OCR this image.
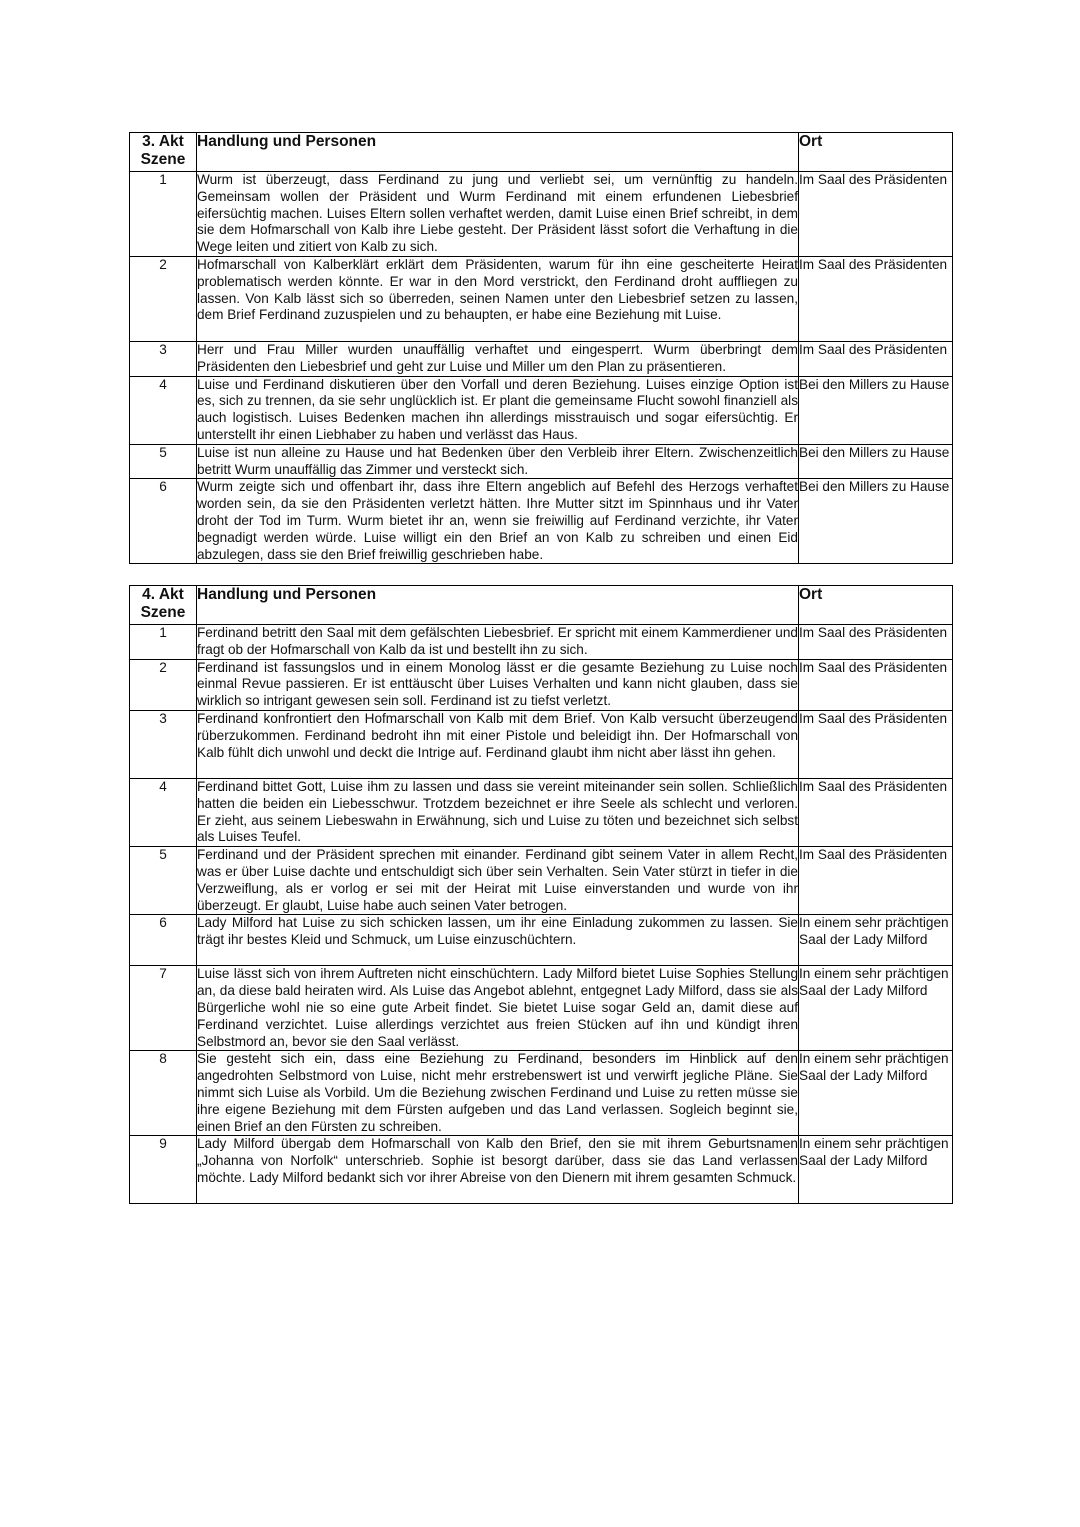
3. Akt
Szene	Handlung und Personen	Ort
1	Wurm ist überzeugt, dass Ferdinand zu jung und verliebt sei, um vernünftig zu handeln. Gemeinsam wollen der Präsident und Wurm Ferdinand mit einem erfundenen Liebesbrief eifersüchtig machen. Luises Eltern sollen verhaftet werden, damit Luise einen Brief schreibt, in dem sie dem Hofmarschall von Kalb ihre Liebe gesteht. Der Präsident lässt sofort die Verhaftung in die Wege leiten und zitiert von Kalb zu sich.	Im Saal des Präsidenten
2	Hofmarschall von Kalberklärt erklärt dem Präsidenten, warum für ihn eine gescheiterte Heirat problematisch werden könnte. Er war in den Mord verstrickt, den Ferdinand droht auffliegen zu lassen. Von Kalb lässt sich so überreden, seinen Namen unter den Liebesbrief setzen zu lassen, dem Brief Ferdinand zuzuspielen und zu behaupten, er habe eine Beziehung mit Luise.	Im Saal des Präsidenten
3	Herr und Frau Miller wurden unauffällig verhaftet und eingesperrt. Wurm überbringt dem Präsidenten den Liebesbrief und geht zur Luise und Miller um den Plan zu präsentieren.	Im Saal des Präsidenten
4	Luise und Ferdinand diskutieren über den Vorfall und deren Beziehung. Luises einzige Option ist es, sich zu trennen, da sie sehr unglücklich ist. Er plant die gemeinsame Flucht sowohl finanziell als auch logistisch. Luises Bedenken machen ihn allerdings misstrauisch und sogar eifersüchtig. Er unterstellt ihr einen Liebhaber zu haben und verlässt das Haus.	Bei den Millers zu Hause
5	Luise ist nun alleine zu Hause und hat Bedenken über den Verbleib ihrer Eltern. Zwischenzeitlich betritt Wurm unauffällig das Zimmer und versteckt sich.	Bei den Millers zu Hause
6	Wurm zeigte sich und offenbart ihr, dass ihre Eltern angeblich auf Befehl des Herzogs verhaftet worden sein, da sie den Präsidenten verletzt hätten. Ihre Mutter sitzt im Spinnhaus und ihr Vater droht der Tod im Turm. Wurm bietet ihr an, wenn sie freiwillig auf Ferdinand verzichte, ihr Vater begnadigt werden würde. Luise willigt ein den Brief an von Kalb zu schreiben und einen Eid abzulegen, dass sie den Brief freiwillig geschrieben habe.	Bei den Millers zu Hause
4. Akt
Szene	Handlung und Personen	Ort
1	Ferdinand betritt den Saal mit dem gefälschten Liebesbrief. Er spricht mit einem Kammerdiener und fragt ob der Hofmarschall von Kalb da ist und bestellt ihn zu sich.	Im Saal des Präsidenten
2	Ferdinand ist fassungslos und in einem Monolog lässt er die gesamte Beziehung zu Luise noch einmal Revue passieren. Er ist enttäuscht über Luises Verhalten und kann nicht glauben, dass sie wirklich so intrigant gewesen sein soll. Ferdinand ist zu tiefst verletzt.	Im Saal des Präsidenten
3	Ferdinand konfrontiert den Hofmarschall von Kalb mit dem Brief. Von Kalb versucht überzeugend rüberzukommen. Ferdinand bedroht ihn mit einer Pistole und beleidigt ihn. Der Hofmarschall von Kalb fühlt dich unwohl und deckt die Intrige auf. Ferdinand glaubt ihm nicht aber lässt ihn gehen.	Im Saal des Präsidenten
4	Ferdinand bittet Gott, Luise ihm zu lassen und dass sie vereint miteinander sein sollen. Schließlich hatten die beiden ein Liebesschwur. Trotzdem bezeichnet er ihre Seele als schlecht und verloren. Er zieht, aus seinem Liebeswahn in Erwähnung, sich und Luise zu töten und bezeichnet sich selbst als Luises Teufel.	Im Saal des Präsidenten
5	Ferdinand und der Präsident sprechen mit einander. Ferdinand gibt seinem Vater in allem Recht, was er über Luise dachte und entschuldigt sich über sein Verhalten. Sein Vater stürzt in tiefer in die Verzweiflung, als er vorlog er sei mit der Heirat mit Luise einverstanden und wurde von ihr überzeugt. Er glaubt, Luise habe auch seinen Vater betrogen.	Im Saal des Präsidenten
6	Lady Milford hat Luise zu sich schicken lassen, um ihr eine Einladung zukommen zu lassen. Sie trägt ihr bestes Kleid und Schmuck, um Luise einzuschüchtern.	In einem sehr prächtigen Saal der Lady Milford
7	Luise lässt sich von ihrem Auftreten nicht einschüchtern. Lady Milford bietet Luise Sophies Stellung an, da diese bald heiraten wird. Als Luise das Angebot ablehnt, entgegnet Lady Milford, dass sie als Bürgerliche wohl nie so eine gute Arbeit findet. Sie bietet Luise sogar Geld an, damit diese auf Ferdinand verzichtet. Luise allerdings verzichtet aus freien Stücken auf ihn und kündigt ihren Selbstmord an, bevor sie den Saal verlässt.	In einem sehr prächtigen Saal der Lady Milford
8	Sie gesteht sich ein, dass eine Beziehung zu Ferdinand, besonders im Hinblick auf den angedrohten Selbstmord von Luise, nicht mehr erstrebenswert ist und verwirft jegliche Pläne. Sie nimmt sich Luise als Vorbild. Um die Beziehung zwischen Ferdinand und Luise zu retten müsse sie ihre eigene Beziehung mit dem Fürsten aufgeben und das Land verlassen. Sogleich beginnt sie, einen Brief an den Fürsten zu schreiben.	In einem sehr prächtigen Saal der Lady Milford
9	Lady Milford übergab dem Hofmarschall von Kalb den Brief, den sie mit ihrem Geburtsnamen „Johanna von Norfolk“ unterschrieb. Sophie ist besorgt darüber, dass sie das Land verlassen möchte. Lady Milford bedankt sich vor ihrer Abreise von den Dienern mit ihrem gesamten Schmuck.	In einem sehr prächtigen Saal der Lady Milford
